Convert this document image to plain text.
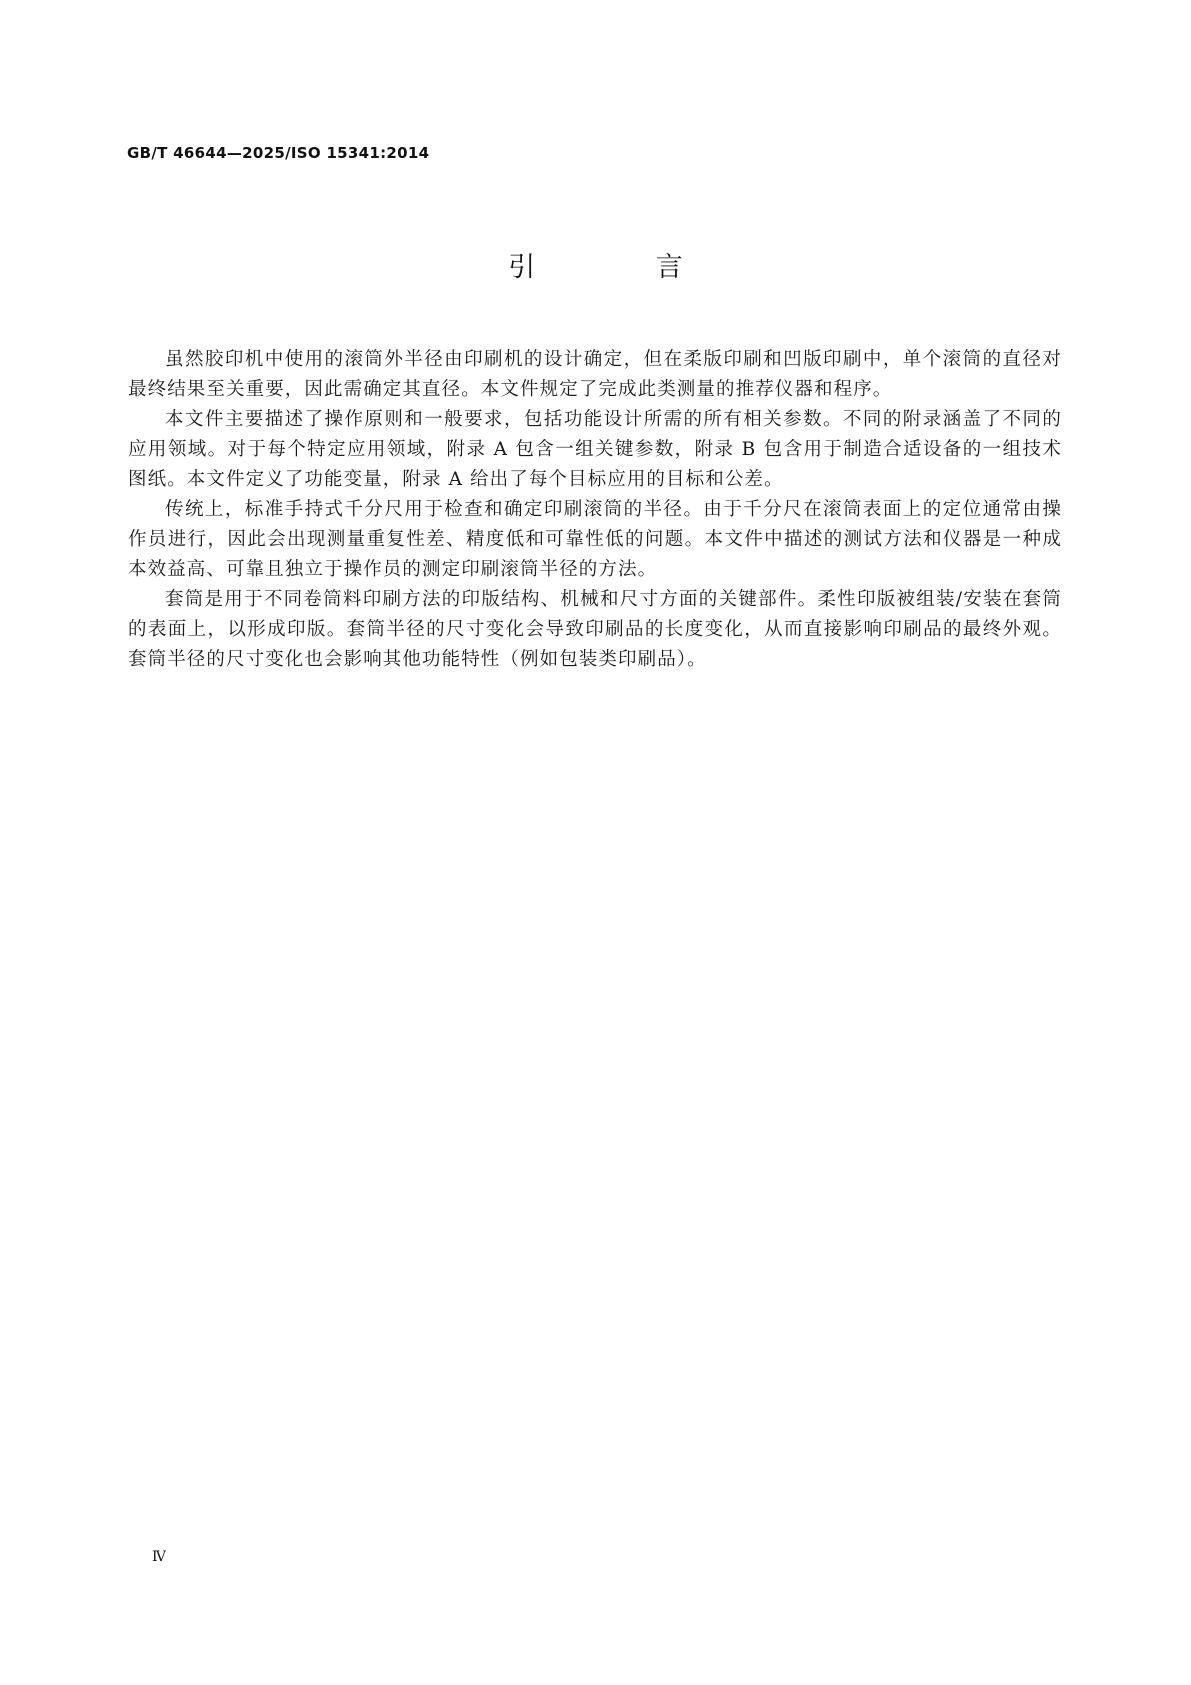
GB/T 46644—2025/ISO 15341:2014
引 言

虽然胶印机中使用的滚筒外半径由印刷机的设计确定，但在柔版印刷和凹版印刷中，单个滚筒的直径对最终结果至关重要，因此需确定其直径。本文件规定了完成此类测量的推荐仪器和程序。

本文件主要描述了操作原则和一般要求，包括功能设计所需的所有相关参数。不同的附录涵盖了不同的应用领域。对于每个特定应用领域，附录 A 包含一组关键参数，附录 B 包含用于制造合适设备的一组技术图纸。本文件定义了功能变量，附录 A 给出了每个目标应用的目标和公差。

传统上，标准手持式千分尺用于检查和确定印刷滚筒的半径。由于千分尺在滚筒表面上的定位通常由操作员进行，因此会出现测量重复性差、精度低和可靠性低的问题。本文件中描述的测试方法和仪器是一种成本效益高、可靠且独立于操作员的测定印刷滚筒半径的方法。

套筒是用于不同卷筒料印刷方法的印版结构、机械和尺寸方面的关键部件。柔性印版被组装/安装在套筒的表面上，以形成印版。套筒半径的尺寸变化会导致印刷品的长度变化，从而直接影响印刷品的最终外观。套筒半径的尺寸变化也会影响其他功能特性（例如包装类印刷品）。

Ⅳ
